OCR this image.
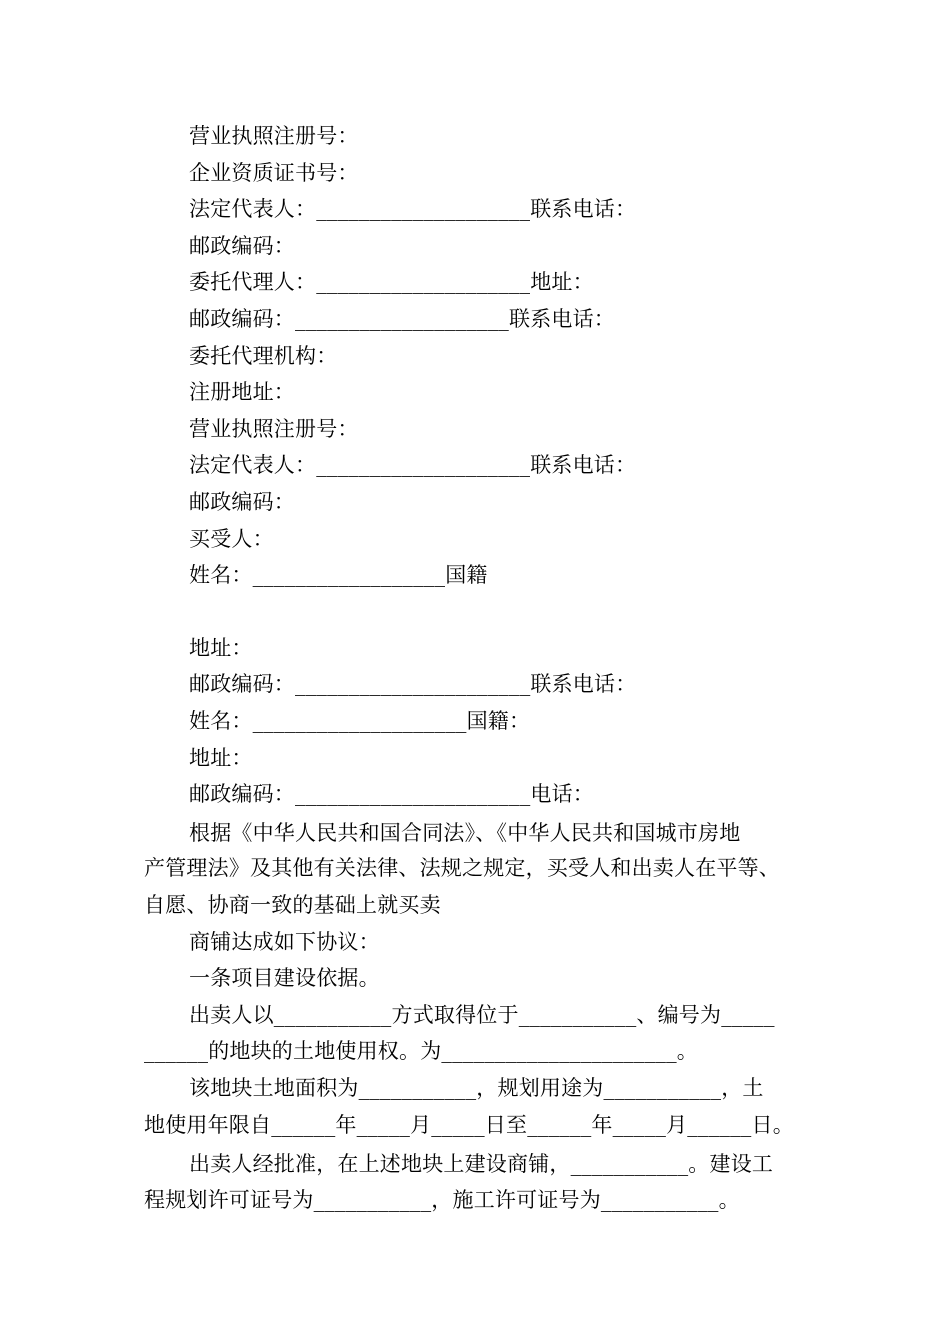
营业执照注册号：
企业资质证书号：
法定代表人：____________________联系电话：
邮政编码：
委托代理人：____________________地址：
邮政编码：____________________联系电话：
委托代理机构：
注册地址：
营业执照注册号：
法定代表人：____________________联系电话：
邮政编码：
买受人：
姓名：__________________国籍
地址：
邮政编码：______________________联系电话：
姓名：____________________国籍：
地址：
邮政编码：______________________电话：
根据《中华人民共和国合同法》、《中华人民共和国城市房地
产管理法》及其他有关法律、法规之规定，买受人和出卖人在平等、
自愿、协商一致的基础上就买卖
商铺达成如下协议：
一条项目建设依据。
出卖人以___________方式取得位于___________、编号为_____
______的地块的土地使用权。为______________________。
该地块土地面积为___________，规划用途为___________，土
地使用年限自______年_____月_____日至______年_____月______日。
出卖人经批准，在上述地块上建设商铺，___________。建设工
程规划许可证号为___________，施工许可证号为___________。
